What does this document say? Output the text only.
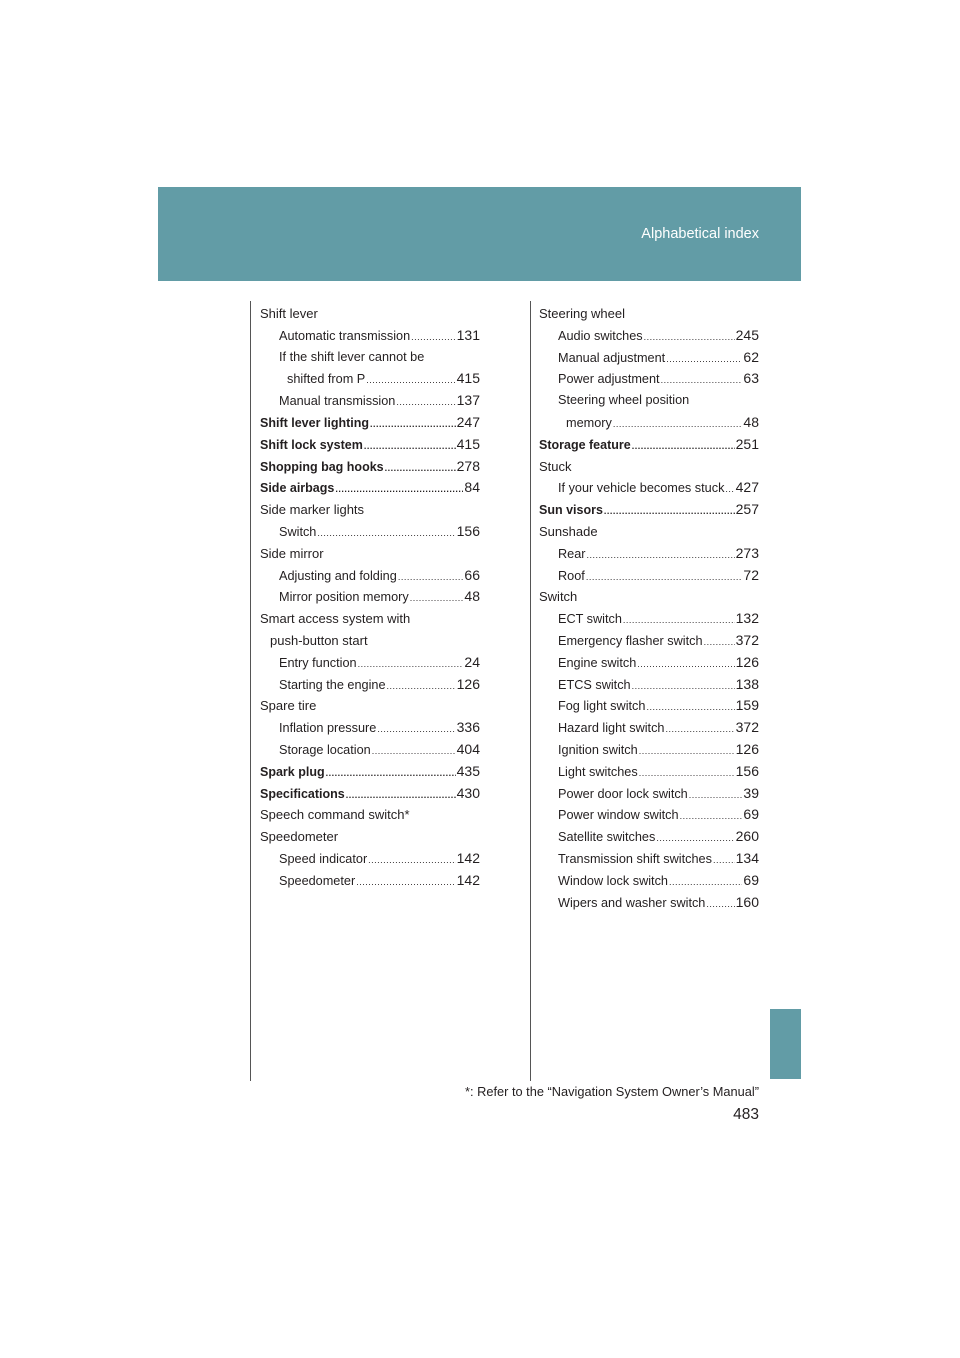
Alphabetical index
Shift lever
Automatic transmission .....	131
If the shift lever cannot be
shifted from P .....	415
Manual transmission .....	137
Shift lever lighting .....	247
Shift lock system .....	415
Shopping bag hooks .....	278
Side airbags .....	84
Side marker lights
Switch .....	156
Side mirror
Adjusting and folding .....	66
Mirror position memory .....	48
Smart access system with
push-button start
Entry function .....	24
Starting the engine .....	126
Spare tire
Inflation pressure .....	336
Storage location .....	404
Spark plug .....	435
Specifications .....	430
Speech command switch*
Speedometer
Speed indicator .....	142
Speedometer .....	142
Steering wheel
Audio switches .....	245
Manual adjustment .....	62
Power adjustment .....	63
Steering wheel position
memory .....	48
Storage feature .....	251
Stuck
If your vehicle becomes stuck ..... 427
Sun visors .....	257
Sunshade
Rear .....	273
Roof .....	72
Switch
ECT switch .....	132
Emergency flasher switch ..... 372
Engine switch .....	126
ETCS switch .....	138
Fog light switch .....	159
Hazard light switch .....	372
Ignition switch .....	126
Light switches .....	156
Power door lock switch .....	39
Power window switch .....	69
Satellite switches .....	260
Transmission shift switches ..... 134
Window lock switch .....	69
Wipers and washer switch ..... 160
*: Refer to the “Navigation System Owner’s Manual”
483
